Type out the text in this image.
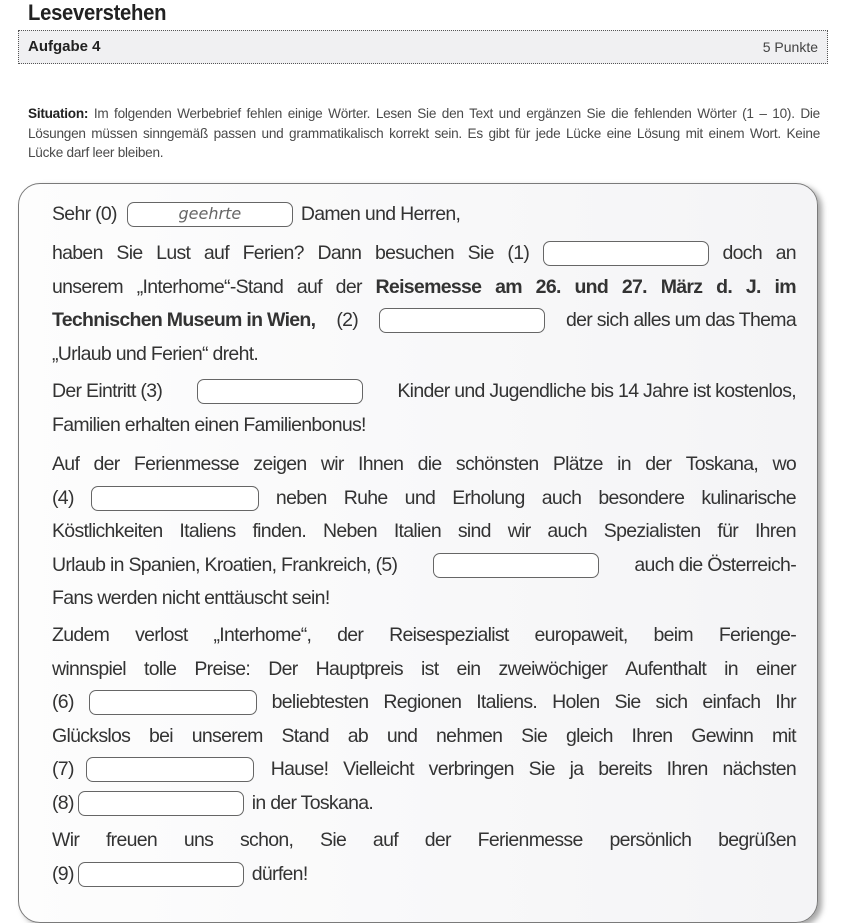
Leseverstehen
Aufgabe 4	5 Punkte
Situation: Im folgenden Werbebrief fehlen einige Wörter. Lesen Sie den Text und ergänzen Sie die fehlenden Wörter (1 – 10). Die Lösungen müssen sinngemäß passen und grammatikalisch korrekt sein. Es gibt für jede Lücke eine Lösung mit einem Wort. Keine Lücke darf leer bleiben.
Sehr (0)	geehrte	Damen und Herren,
haben Sie Lust auf Ferien? Dann besuchen Sie (1)	doch an
unserem „Interhome“-Stand auf der Reisemesse am 26. und 27. März d. J. im
Technischen Museum in Wien, (2)	der sich alles um das Thema
„Urlaub und Ferien“ dreht.
Der Eintritt (3)	Kinder und Jugendliche bis 14 Jahre ist kostenlos,
Familien erhalten einen Familienbonus!
Auf der Ferienmesse zeigen wir Ihnen die schönsten Plätze in der Toskana, wo
(4)	neben Ruhe und Erholung auch besondere kulinarische
Köstlichkeiten Italiens finden. Neben Italien sind wir auch Spezialisten für Ihren
Urlaub in Spanien, Kroatien, Frankreich, (5)	auch die Österreich-
Fans werden nicht enttäuscht sein!
Zudem verlost „Interhome“, der Reisespezialist europaweit, beim Ferienge-
winnspiel tolle Preise: Der Hauptpreis ist ein zweiwöchiger Aufenthalt in einer
(6)	beliebtesten Regionen Italiens. Holen Sie sich einfach Ihr
Glückslos bei unserem Stand ab und nehmen Sie gleich Ihren Gewinn mit
(7)	Hause! Vielleicht verbringen Sie ja bereits Ihren nächsten
(8)	in der Toskana.
Wir freuen uns schon, Sie auf der Ferienmesse persönlich begrüßen
(9)	dürfen!
